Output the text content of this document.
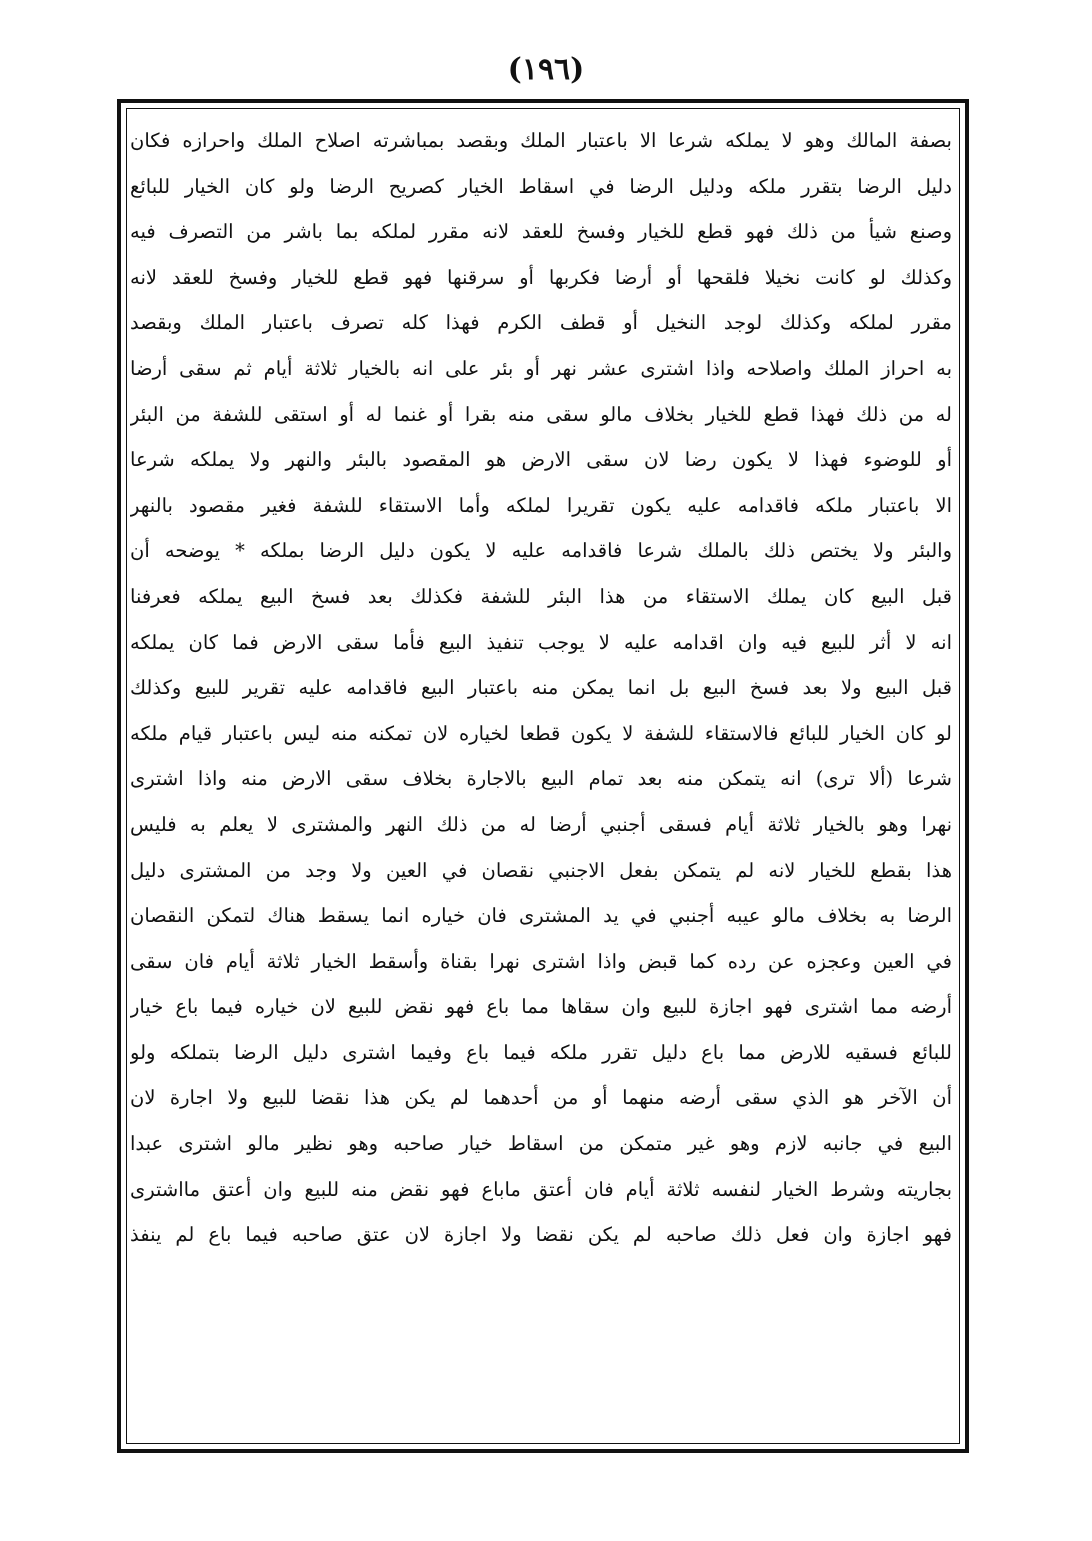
(١٩٦)
بصفة المالك وهو لا يملكه شرعا الا باعتبار الملك وبقصد بمباشرته اصلاح الملك واحرازه فكان
دليل الرضا بتقرر ملكه ودليل الرضا في اسقاط الخيار كصريح الرضا ولو كان الخيار للبائع
وصنع شيأ من ذلك فهو قطع للخيار وفسخ للعقد لانه مقرر لملكه بما باشر من التصرف فيه
وكذلك لو كانت نخيلا فلقحها أو أرضا فكربها أو سرقنها فهو قطع للخيار وفسخ للعقد لانه
مقرر لملكه وكذلك لوجد النخيل أو قطف الكرم فهذا كله تصرف باعتبار الملك وبقصد
به احراز الملك واصلاحه واذا اشترى عشر نهر أو بئر على انه بالخيار ثلاثة أيام ثم سقى أرضا
له من ذلك فهذا قطع للخيار بخلاف مالو سقى منه بقرا أو غنما له أو استقى للشفة من البئر
أو للوضوء فهذا لا يكون رضا لان سقى الارض هو المقصود بالبئر والنهر ولا يملكه شرعا
الا باعتبار ملكه فاقدامه عليه يكون تقريرا لملكه وأما الاستقاء للشفة فغير مقصود بالنهر
والبئر ولا يختص ذلك بالملك شرعا فاقدامه عليه لا يكون دليل الرضا بملكه * يوضحه أن
قبل البيع كان يملك الاستقاء من هذا البئر للشفة فكذلك بعد فسخ البيع يملكه فعرفنا
انه لا أثر للبيع فيه وان اقدامه عليه لا يوجب تنفيذ البيع فأما سقى الارض فما كان يملكه
قبل البيع ولا بعد فسخ البيع بل انما يمكن منه باعتبار البيع فاقدامه عليه تقرير للبيع وكذلك
لو كان الخيار للبائع فالاستقاء للشفة لا يكون قطعا لخياره لان تمكنه منه ليس باعتبار قيام ملكه
شرعا (ألا ترى) انه يتمكن منه بعد تمام البيع بالاجارة بخلاف سقى الارض منه واذا اشترى
نهرا وهو بالخيار ثلاثة أيام فسقى أجنبي أرضا له من ذلك النهر والمشترى لا يعلم به فليس
هذا بقطع للخيار لانه لم يتمكن بفعل الاجنبي نقصان في العين ولا وجد من المشترى دليل
الرضا به بخلاف مالو عيبه أجنبي في يد المشترى فان خياره انما يسقط هناك لتمكن النقصان
في العين وعجزه عن رده كما قبض واذا اشترى نهرا بقناة وأسقط الخيار ثلاثة أيام فان سقى
أرضه مما اشترى فهو اجازة للبيع وان سقاها مما باع فهو نقض للبيع لان خياره فيما باع خيار
للبائع فسقيه للارض مما باع دليل تقرر ملكه فيما باع وفيما اشترى دليل الرضا بتملكه ولو
أن الآخر هو الذي سقى أرضه منهما أو من أحدهما لم يكن هذا نقضا للبيع ولا اجارة لان
البيع في جانبه لازم وهو غير متمكن من اسقاط خيار صاحبه وهو نظير مالو اشترى عبدا
بجاريته وشرط الخيار لنفسه ثلاثة أيام فان أعتق ماباع فهو نقض منه للبيع وان أعتق مااشترى
فهو اجازة وان فعل ذلك صاحبه لم يكن نقضا ولا اجازة لان عتق صاحبه فيما باع لم ينفذ
